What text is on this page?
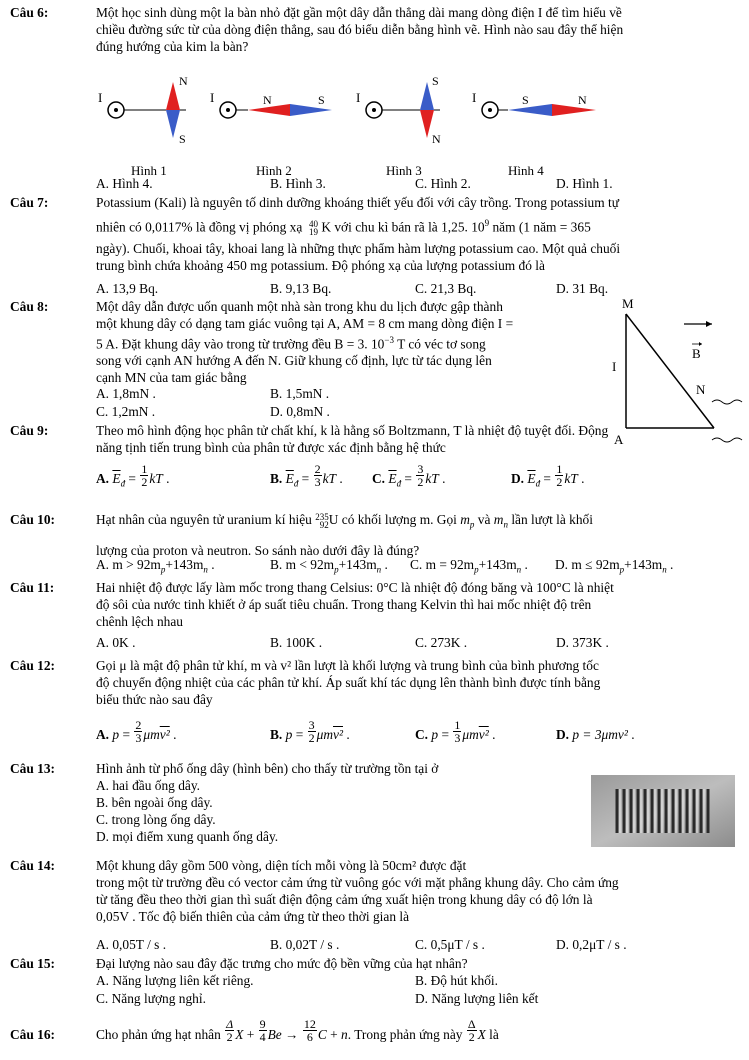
Câu 6:	Một học sinh dùng một la bàn nhỏ đặt gần một dây dẫn thẳng dài mang dòng điện I để tìm hiểu về
chiều đường sức từ của dòng điện thẳng, sau đó biểu diễn bằng hình vẽ. Hình nào sau đây thể hiện
đúng hướng của kim la bàn?
I
N
S
I	N	S I
S
N
I	S	N
Hình 1	Hình 2	Hình 3	Hình 4
A. Hình 4.	B. Hình 3.	C. Hình 2.	D. Hình 1.
Câu 7:	Potassium (Kali) là nguyên tố dinh dưỡng khoáng thiết yếu đối với cây trồng. Trong potassium tự
nhiên có 0,0117% là đồng vị phóng xạ 40
19 K với chu kì bán rã là 1,25. $10^9$ năm (1 năm = 365
ngày). Chuối, khoai tây, khoai lang là những thực phẩm hàm lượng potassium cao. Một quả chuối
trung bình chứa khoảng 450 mg potassium. Độ phóng xạ của lượng potassium đó là
A. 13,9 Bq.	B. 9,13 Bq.	C. 21,3 Bq.	D. 31 Bq.
Câu 8:	Một dây dẫn được uốn quanh một nhà sàn trong khu du lịch được gập thành
một khung dây có dạng tam giác vuông tại A, AM = 8 cm mang dòng điện I =
5 A. Đặt khung dây vào trong từ trường đều B = 3. $10^{-3}$ T có véc tơ song
song với cạnh AN hướng A đến N. Giữ khung cố định, lực từ tác dụng lên
cạnh MN của tam giác bằng
M
I
A
N
B
A. 1,8mN .	B. 1,5mN .
C. 1,2mN .	D. 0,8mN .
Câu 9:	Theo mô hình động học phân tử chất khí, k là hằng số Boltzmann, T là nhiệt độ tuyệt đối. Động
năng tịnh tiến trung bình của phân tử được xác định bằng hệ thức
A. $\overline{E}_đ = \frac{1}{2}$ kT .	B. $\overline{E}_đ = \frac{2}{3}$ kT . C. $\overline{E}_đ = \frac{3}{2}$ kT .	D. $\overline{E}_đ = \frac{1}{2}$ kT .
Câu 10:	Hạt nhân của nguyên tử uranium kí hiệu 235
92 U có khối lượng m. Gọi $m_p$ và $m_n$ lần lượt là khối
lượng của proton và neutron. So sánh nào dưới đây là đúng?
A. $m > 92m_p+143m_n$ .	B. $m < 92m_p+143m_n$ . C. $m = 92m_p+143m_n$ . D. $m \le 92m_p+143m_n$ .
Câu 11:	Hai nhiệt độ được lấy làm mốc trong thang Celsius: 0°C là nhiệt độ đóng băng và 100°C là nhiệt
độ sôi của nước tinh khiết ở áp suất tiêu chuẩn. Trong thang Kelvin thì hai mốc nhiệt độ trên
chênh lệch nhau
A. 0K .	B. 100K .	C. 273K .	D. 373K .
Câu 12:	Gọi μ là mật độ phân tử khí, m và v² lần lượt là khối lượng và trung bình của bình phương tốc
độ chuyển động nhiệt của các phân tử khí. Áp suất khí tác dụng lên thành bình được tính bằng
biểu thức nào sau đây
A. $p = \frac{2}{3} \mu mv^2$ .	B. $p = \frac{3}{2} \mu mv^2$ .	C. $p = \frac{1}{3} \mu mv^2$ .	D. p = 3μmv² .
Câu 13:	Hình ảnh từ phổ ống dây (hình bên) cho thấy từ trường tồn tại ở
A. hai đầu ống dây.
B. bên ngoài ống dây.
C. trong lòng ống dây.
D. mọi điểm xung quanh ống dây.
Câu 14:	Một khung dây gồm 500 vòng, diện tích mỗi vòng là 50cm² được đặt
trong một từ trường đều có vector cảm ứng từ vuông góc với mặt phẳng khung dây. Cho cảm ứng
từ tăng đều theo thời gian thì suất điện động cảm ứng xuất hiện trong khung dây có độ lớn là
0,05V . Tốc độ biến thiên của cảm ứng từ theo thời gian là
A. 0,05T / s .	B. 0,02T / s .	C. 0,5μT / s .	D. 0,2μT / s .
Câu 15:	Đại lượng nào sau đây đặc trưng cho mức độ bền vững của hạt nhân?
A. Năng lượng liên kết riêng.	B. Độ hút khối.
C. Năng lượng nghỉ.	D. Năng lượng liên kết
Câu 16:	Cho phản ứng hạt nhân $\frac{\Delta}{2}$ $X + \frac{9}{4}$ $Be \to \frac{12}{6}$ C + n. Trong phản ứng này $\frac{\Delta}{2}$ X là
